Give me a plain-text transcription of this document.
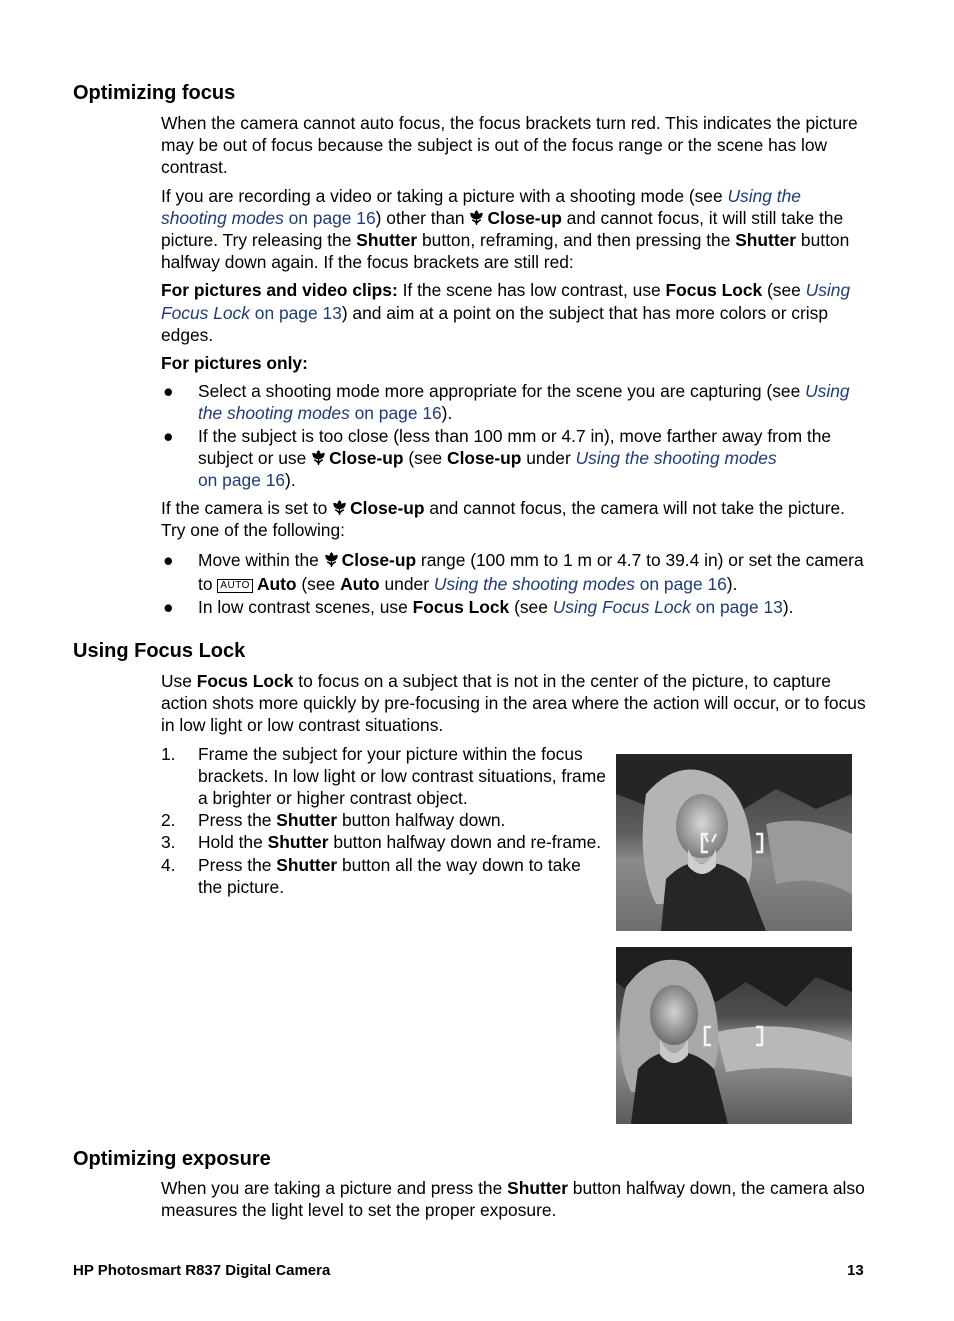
Optimizing focus

When the camera cannot auto focus, the focus brackets turn red. This indicates the picture may be out of focus because the subject is out of the focus range or the scene has low contrast.

If you are recording a video or taking a picture with a shooting mode (see Using the shooting modes on page 16) other than Close-up and cannot focus, it will still take the picture. Try releasing the Shutter button, reframing, and then pressing the Shutter button halfway down again. If the focus brackets are still red:

For pictures and video clips: If the scene has low contrast, use Focus Lock (see Using Focus Lock on page 13) and aim at a point on the subject that has more colors or crisp edges.

For pictures only:

● Select a shooting mode more appropriate for the scene you are capturing (see Using the shooting modes on page 16).
● If the subject is too close (less than 100 mm or 4.7 in), move farther away from the subject or use Close-up (see Close-up under Using the shooting modes
on page 16).

If the camera is set to Close-up and cannot focus, the camera will not take the picture. Try one of the following:

● Move within the Close-up range (100 mm to 1 m or 4.7 to 39.4 in) or set the camera to AUTO Auto (see Auto under Using the shooting modes on page 16).
● In low contrast scenes, use Focus Lock (see Using Focus Lock on page 13).
Using Focus Lock

Use Focus Lock to focus on a subject that is not in the center of the picture, to capture action shots more quickly by pre-focusing in the area where the action will occur, or to focus in low light or low contrast situations.

1. Frame the subject for your picture within the focus brackets. In low light or low contrast situations, frame a brighter or higher contrast object.
2. Press the Shutter button halfway down.
3. Hold the Shutter button halfway down and re-frame.
4. Press the Shutter button all the way down to take the picture.
Optimizing exposure

When you are taking a picture and press the Shutter button halfway down, the camera also measures the light level to set the proper exposure.

HP Photosmart R837 Digital Camera	13
